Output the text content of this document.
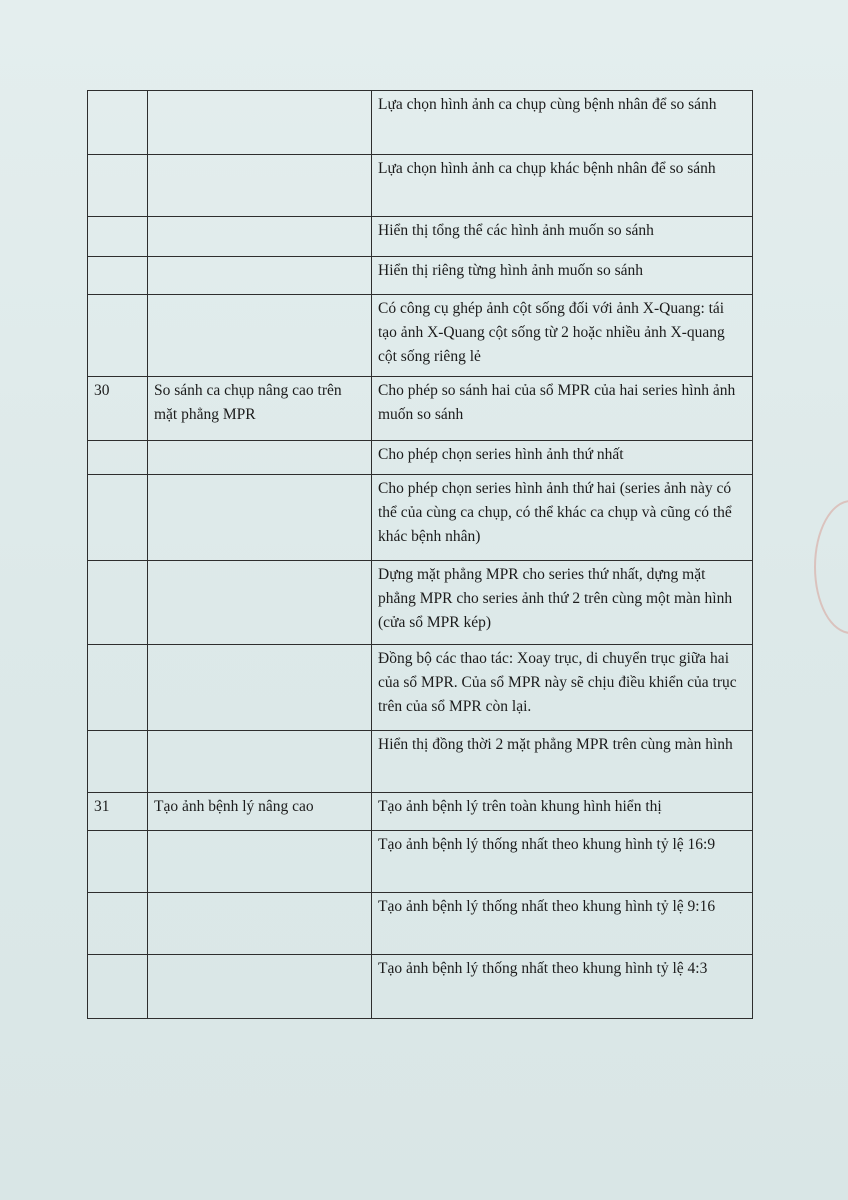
		Lựa chọn hình ảnh ca chụp cùng bệnh nhân để so sánh
		Lựa chọn hình ảnh ca chụp khác bệnh nhân để so sánh
		Hiển thị tổng thể các hình ảnh muốn so sánh
		Hiển thị riêng từng hình ảnh muốn so sánh
		Có công cụ ghép ảnh cột sống đối với ảnh X-Quang: tái tạo ảnh X-Quang cột sống từ 2 hoặc nhiều ảnh X-quang cột sống riêng lẻ
30	So sánh ca chụp nâng cao trên mặt phẳng MPR	Cho phép so sánh hai của sổ MPR của hai series hình ảnh muốn so sánh
		Cho phép chọn series hình ảnh thứ nhất
		Cho phép chọn series hình ảnh thứ hai (series ảnh này có thể của cùng ca chụp, có thể khác ca chụp và cũng có thể khác bệnh nhân)
		Dựng mặt phẳng MPR cho series thứ nhất, dựng mặt phẳng MPR cho series ảnh thứ 2 trên cùng một màn hình (cửa sổ MPR kép)
		Đồng bộ các thao tác: Xoay trục, di chuyển trục giữa hai của sổ MPR. Của sổ MPR này sẽ chịu điều khiển của trục trên của sổ MPR còn lại.
		Hiển thị đồng thời 2 mặt phẳng MPR trên cùng màn hình
31	Tạo ảnh bệnh lý nâng cao	Tạo ảnh bệnh lý trên toàn khung hình hiển thị
		Tạo ảnh bệnh lý thống nhất theo khung hình tỷ lệ 16:9
		Tạo ảnh bệnh lý thống nhất theo khung hình tỷ lệ 9:16
		Tạo ảnh bệnh lý thống nhất theo khung hình tỷ lệ 4:3
